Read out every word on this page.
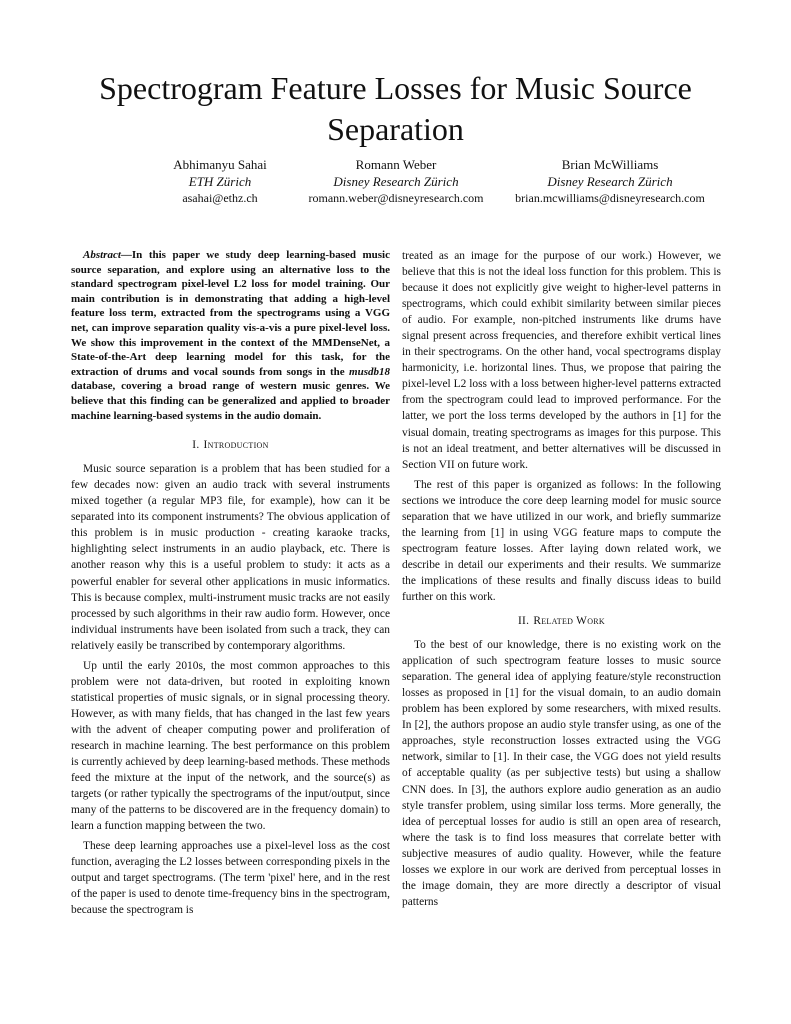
Spectrogram Feature Losses for Music Source Separation
Abhimanyu Sahai
ETH Zürich
asahai@ethz.ch
Romann Weber
Disney Research Zürich
romann.weber@disneyresearch.com
Brian McWilliams
Disney Research Zürich
brian.mcwilliams@disneyresearch.com

Abstract—In this paper we study deep learning-based music source separation, and explore using an alternative loss to the standard spectrogram pixel-level L2 loss for model training. Our main contribution is in demonstrating that adding a high-level feature loss term, extracted from the spectrograms using a VGG net, can improve separation quality vis-a-vis a pure pixel-level loss. We show this improvement in the context of the MMDenseNet, a State-of-the-Art deep learning model for this task, for the extraction of drums and vocal sounds from songs in the musdb18 database, covering a broad range of western music genres. We believe that this finding can be generalized and applied to broader machine learning-based systems in the audio domain.

I. Introduction

Music source separation is a problem that has been studied for a few decades now: given an audio track with several instruments mixed together (a regular MP3 file, for example), how can it be separated into its component instruments? The obvious application of this problem is in music production - creating karaoke tracks, highlighting select instruments in an audio playback, etc. There is another reason why this is a useful problem to study: it acts as a powerful enabler for several other applications in music informatics. This is because complex, multi-instrument music tracks are not easily processed by such algorithms in their raw audio form. However, once individual instruments have been isolated from such a track, they can relatively easily be transcribed by contemporary algorithms.

Up until the early 2010s, the most common approaches to this problem were not data-driven, but rooted in exploiting known statistical properties of music signals, or in signal processing theory. However, as with many fields, that has changed in the last few years with the advent of cheaper computing power and proliferation of research in machine learning. The best performance on this problem is currently achieved by deep learning-based methods. These methods feed the mixture at the input of the network, and the source(s) as targets (or rather typically the spectrograms of the input/output, since many of the patterns to be discovered are in the frequency domain) to learn a function mapping between the two.

These deep learning approaches use a pixel-level loss as the cost function, averaging the L2 losses between corresponding pixels in the output and target spectrograms. (The term 'pixel' here, and in the rest of the paper is used to denote time-frequency bins in the spectrogram, because the spectrogram is

treated as an image for the purpose of our work.) However, we believe that this is not the ideal loss function for this problem. This is because it does not explicitly give weight to higher-level patterns in spectrograms, which could exhibit similarity between similar pieces of audio. For example, non-pitched instruments like drums have signal present across frequencies, and therefore exhibit vertical lines in their spectrograms. On the other hand, vocal spectrograms display harmonicity, i.e. horizontal lines. Thus, we propose that pairing the pixel-level L2 loss with a loss between higher-level patterns extracted from the spectrogram could lead to improved performance. For the latter, we port the loss terms developed by the authors in [1] for the visual domain, treating spectrograms as images for this purpose. This is not an ideal treatment, and better alternatives will be discussed in Section VII on future work.

The rest of this paper is organized as follows: In the following sections we introduce the core deep learning model for music source separation that we have utilized in our work, and briefly summarize the learning from [1] in using VGG feature maps to compute the spectrogram feature losses. After laying down related work, we describe in detail our experiments and their results. We summarize the implications of these results and finally discuss ideas to build further on this work.

II. Related Work

To the best of our knowledge, there is no existing work on the application of such spectrogram feature losses to music source separation. The general idea of applying feature/style reconstruction losses as proposed in [1] for the visual domain, to an audio domain problem has been explored by some researchers, with mixed results. In [2], the authors propose an audio style transfer using, as one of the approaches, style reconstruction losses extracted using the VGG network, similar to [1]. In their case, the VGG does not yield results of acceptable quality (as per subjective tests) but using a shallow CNN does. In [3], the authors explore audio generation as an audio style transfer problem, using similar loss terms. More generally, the idea of perceptual losses for audio is still an open area of research, where the task is to find loss measures that correlate better with subjective measures of audio quality. However, while the feature losses we explore in our work are derived from perceptual losses in the image domain, they are more directly a descriptor of visual patterns
